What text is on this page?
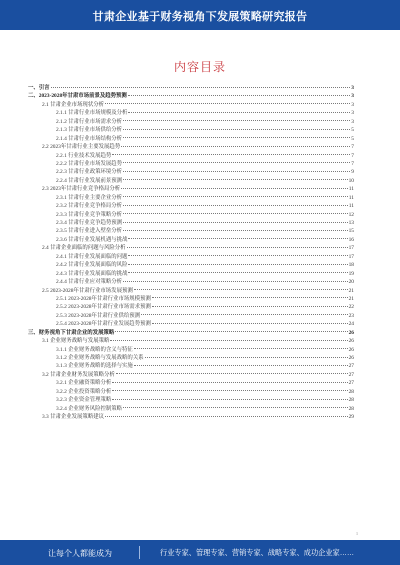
甘肃企业基于财务视角下发展策略研究报告
内容目录
一、引言	3
二、2023-2028年甘肃市场前景及趋势预测	3
2.1 甘肃企业市场现状分析	3
2.1.1 甘肃行业市场规模及分析	3
2.1.2 甘肃行业市场需求分析	3
2.1.3 甘肃行业市场供给分析	5
2.1.4 甘肃行业市场结构分析	5
2.2 2023年甘肃行业主要发展趋势	7
2.2.1 行业技术发展趋势	7
2.2.2 甘肃行业市场发展趋势	7
2.2.3 甘肃行业政策环境分析	9
2.2.4 甘肃行业发展前景预测	10
2.3 2023年甘肃行业竞争格局分析	11
2.3.1 甘肃行业主要企业分析	11
2.3.2 甘肃行业竞争格局分析	11
2.3.3 甘肃行业竞争策略分析	12
2.3.4 甘肃行业竞争趋势预测	13
2.3.5 甘肃行业进入壁垒分析	15
2.3.6 甘肃行业发展机遇与挑战	16
2.4 甘肃企业面临的问题与风险分析	17
2.4.1 甘肃行业发展面临的问题	17
2.4.2 甘肃行业发展面临的风险	18
2.4.3 甘肃行业发展面临的挑战	19
2.4.4 甘肃行业应对策略分析	20
2.5 2023-2028年甘肃行业市场发展预测	21
2.5.1 2023-2028年甘肃行业市场规模预测	21
2.5.2 2023-2028年甘肃行业市场需求预测	22
2.5.3 2023-2028年甘肃行业供给预测	23
2.5.4 2023-2028年甘肃行业发展趋势预测	24
三、财务视角下甘肃企业的发展策略	26
3.1 企业财务战略与发展策略	26
3.1.1 企业财务战略的含义与特征	26
3.1.2 企业财务战略与发展战略的关系	26
3.1.3 企业财务战略的选择与实施	27
3.2 甘肃企业财务发展策略分析	27
3.2.1 企业融资策略分析	27
3.2.2 企业投资策略分析	28
3.2.3 企业资金管理策略	28
3.2.4 企业财务风险控制策略	28
3.3 甘肃企业发展策略建议	29
1
让每个人都能成为	行业专家、管理专家、营销专家、战略专家、成功企业家……
